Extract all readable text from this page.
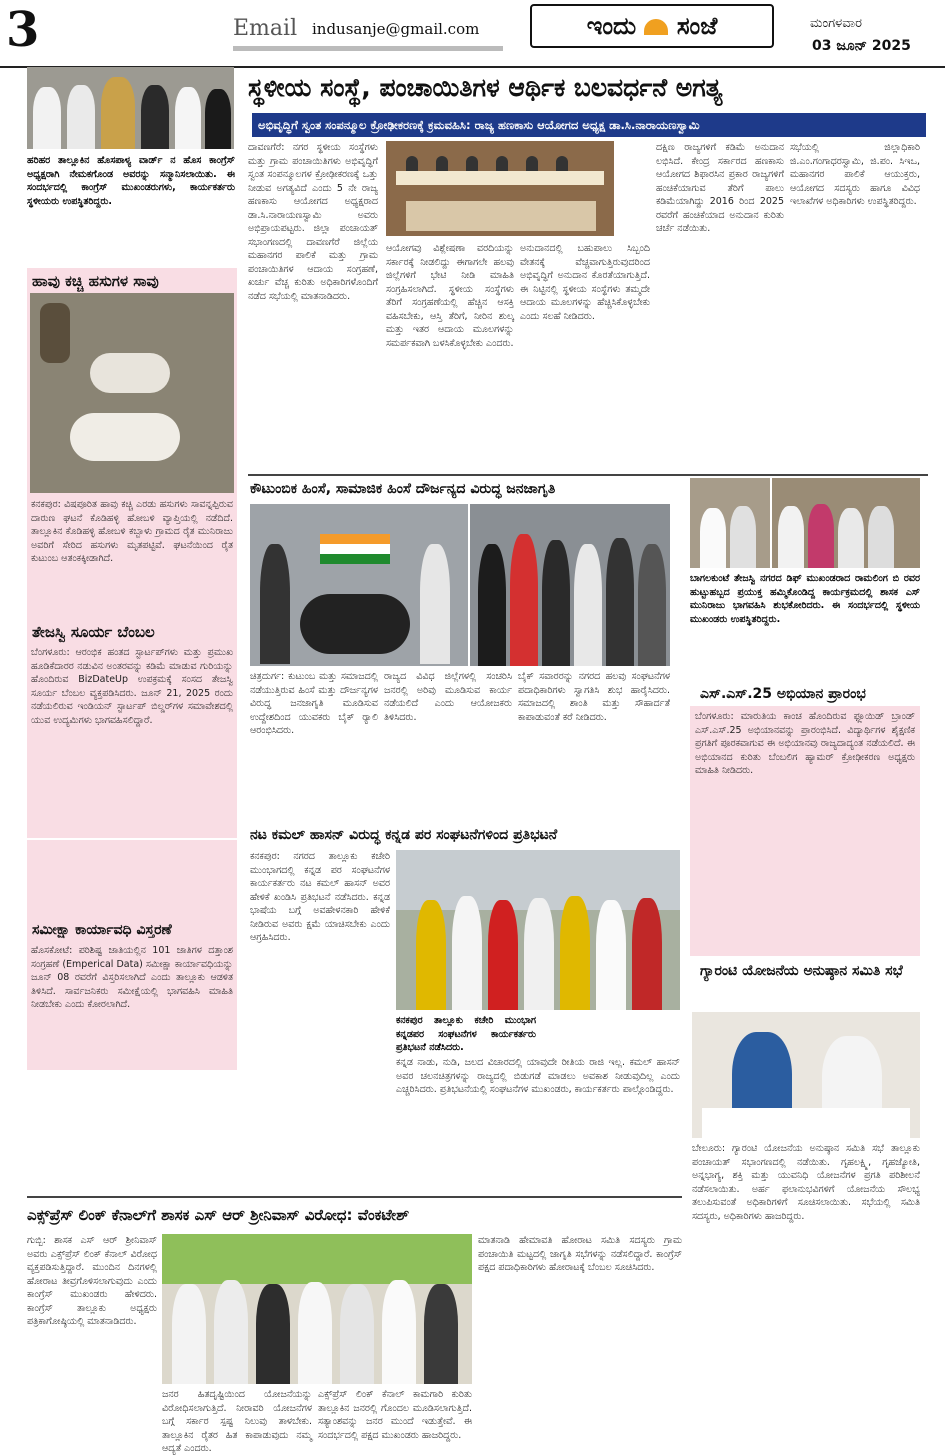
3	Email indusanje@gmail.com	ಇಂದು ಸಂಜೆ	ಮಂಗಳವಾರ
03 ಜೂನ್ 2025
ಹರಿಹರ ತಾಲ್ಲೂಕಿನ ಹೊಸಪಾಳ್ಯ ವಾರ್ಡ್ ನ ಹೊಸ ಕಾಂಗ್ರೆಸ್ ಅಧ್ಯಕ್ಷರಾಗಿ ನೇಮಕಗೊಂಡ ಅವರನ್ನು ಸನ್ಮಾನಿಸಲಾಯಿತು. ಈ ಸಂದರ್ಭದಲ್ಲಿ ಕಾಂಗ್ರೆಸ್ ಮುಖಂಡರುಗಳು, ಕಾರ್ಯಕರ್ತರು ಸ್ಥಳೀಯರು ಉಪಸ್ಥಿತರಿದ್ದರು.
ಹಾವು ಕಚ್ಚಿ ಹಸುಗಳ ಸಾವು
ಕನಕಪುರ: ವಿಷಪೂರಿತ ಹಾವು ಕಚ್ಚಿ ಎರಡು ಹಸುಗಳು ಸಾವನ್ನಪ್ಪಿರುವ ದಾರುಣ ಘಟನೆ ಕೊಡಿಹಳ್ಳಿ ಹೋಬಳಿ ವ್ಯಾಪ್ತಿಯಲ್ಲಿ ನಡೆದಿದೆ. ತಾಲ್ಲೂಕಿನ ಕೊಡಿಹಳ್ಳಿ ಹೋಬಳಿ ಕಬ್ಬಾಳು ಗ್ರಾಮದ ರೈತ ಮುನಿರಾಜು ಅವರಿಗೆ ಸೇರಿದ ಹಸುಗಳು ಮೃತಪಟ್ಟಿವೆ. ಘಟನೆಯಿಂದ ರೈತ ಕುಟುಂಬ ಆತಂಕಕ್ಕೀಡಾಗಿದೆ.
ತೇಜಸ್ವಿ ಸೂರ್ಯ ಬೆಂಬಲ
ಬೆಂಗಳೂರು: ಆರಂಭಿಕ ಹಂತದ ಸ್ಟಾರ್ಟಪ್‌ಗಳು ಮತ್ತು ಪ್ರಮುಖ ಹೂಡಿಕೆದಾರರ ನಡುವಿನ ಅಂತರವನ್ನು ಕಡಿಮೆ ಮಾಡುವ ಗುರಿಯನ್ನು ಹೊಂದಿರುವ BizDateUp ಉಪಕ್ರಮಕ್ಕೆ ಸಂಸದ ತೇಜಸ್ವಿ ಸೂರ್ಯ ಬೆಂಬಲ ವ್ಯಕ್ತಪಡಿಸಿದರು. ಜೂನ್ 21, 2025 ರಂದು ನಡೆಯಲಿರುವ ಇಂಡಿಯನ್ ಸ್ಟಾರ್ಟಪ್ ಬಿಲ್ಡರ್‌ಗಳ ಸಮಾವೇಶದಲ್ಲಿ ಯುವ ಉದ್ಯಮಿಗಳು ಭಾಗವಹಿಸಲಿದ್ದಾರೆ.
ಸಮೀಕ್ಷಾ ಕಾರ್ಯಾವಧಿ ವಿಸ್ತರಣೆ
ಹೊಸಕೋಟೆ: ಪರಿಶಿಷ್ಟ ಜಾತಿಯಲ್ಲಿನ 101 ಜಾತಿಗಳ ದತ್ತಾಂಶ ಸಂಗ್ರಹಣೆ (Emperical Data) ಸಮೀಕ್ಷಾ ಕಾರ್ಯಾವಧಿಯನ್ನು ಜೂನ್ 08 ರವರೆಗೆ ವಿಸ್ತರಿಸಲಾಗಿದೆ ಎಂದು ತಾಲ್ಲೂಕು ಆಡಳಿತ ತಿಳಿಸಿದೆ. ಸಾರ್ವಜನಿಕರು ಸಮೀಕ್ಷೆಯಲ್ಲಿ ಭಾಗವಹಿಸಿ ಮಾಹಿತಿ ನೀಡಬೇಕು ಎಂದು ಕೋರಲಾಗಿದೆ.
ಸ್ಥಳೀಯ ಸಂಸ್ಥೆ, ಪಂಚಾಯಿತಿಗಳ ಆರ್ಥಿಕ ಬಲವರ್ಧನೆ ಅಗತ್ಯ
ಅಭಿವೃದ್ಧಿಗೆ ಸ್ವಂತ ಸಂಪನ್ಮೂಲ ಕ್ರೋಢೀಕರಣಕ್ಕೆ ಕ್ರಮವಹಿಸಿ: ರಾಜ್ಯ ಹಣಕಾಸು ಆಯೋಗದ ಅಧ್ಯಕ್ಷ ಡಾ.ಸಿ.ನಾರಾಯಣಸ್ವಾಮಿ
ದಾವಣಗೆರೆ: ನಗರ ಸ್ಥಳೀಯ ಸಂಸ್ಥೆಗಳು ಮತ್ತು ಗ್ರಾಮ ಪಂಚಾಯಿತಿಗಳು ಅಭಿವೃದ್ಧಿಗೆ ಸ್ವಂತ ಸಂಪನ್ಮೂಲಗಳ ಕ್ರೋಢೀಕರಣಕ್ಕೆ ಒತ್ತು ನೀಡುವ ಅಗತ್ಯವಿದೆ ಎಂದು 5 ನೇ ರಾಜ್ಯ ಹಣಕಾಸು ಆಯೋಗದ ಅಧ್ಯಕ್ಷರಾದ ಡಾ.ಸಿ.ನಾರಾಯಣಸ್ವಾಮಿ ಅವರು ಅಭಿಪ್ರಾಯಪಟ್ಟರು. ಜಿಲ್ಲಾ ಪಂಚಾಯತ್ ಸಭಾಂಗಣದಲ್ಲಿ ದಾವಣಗೆರೆ ಜಿಲ್ಲೆಯ ಮಹಾನಗರ ಪಾಲಿಕೆ ಮತ್ತು ಗ್ರಾಮ ಪಂಚಾಯಿತಿಗಳ ಆದಾಯ ಸಂಗ್ರಹಣೆ, ಖರ್ಚು ವೆಚ್ಚ ಕುರಿತು ಅಧಿಕಾರಿಗಳೊಂದಿಗೆ ನಡೆದ ಸಭೆಯಲ್ಲಿ ಮಾತನಾಡಿದರು.
ಆಯೋಗವು ವಿಶ್ಲೇಷಣಾ ವರದಿಯನ್ನು ಸರ್ಕಾರಕ್ಕೆ ನೀಡಲಿದ್ದು ಈಗಾಗಲೇ ಹಲವು ಜಿಲ್ಲೆಗಳಿಗೆ ಭೇಟಿ ನೀಡಿ ಮಾಹಿತಿ ಸಂಗ್ರಹಿಸಲಾಗಿದೆ. ಸ್ಥಳೀಯ ಸಂಸ್ಥೆಗಳು ತೆರಿಗೆ ಸಂಗ್ರಹಣೆಯಲ್ಲಿ ಹೆಚ್ಚಿನ ಆಸಕ್ತಿ ವಹಿಸಬೇಕು, ಆಸ್ತಿ ತೆರಿಗೆ, ನೀರಿನ ಶುಲ್ಕ ಮತ್ತು ಇತರ ಆದಾಯ ಮೂಲಗಳನ್ನು ಸಮರ್ಪಕವಾಗಿ ಬಳಸಿಕೊಳ್ಳಬೇಕು ಎಂದರು.
ಅನುದಾನದಲ್ಲಿ ಬಹುಪಾಲು ಸಿಬ್ಬಂದಿ ವೇತನಕ್ಕೆ ವೆಚ್ಚವಾಗುತ್ತಿರುವುದರಿಂದ ಅಭಿವೃದ್ಧಿಗೆ ಅನುದಾನ ಕೊರತೆಯಾಗುತ್ತಿದೆ. ಈ ನಿಟ್ಟಿನಲ್ಲಿ ಸ್ಥಳೀಯ ಸಂಸ್ಥೆಗಳು ತಮ್ಮದೇ ಆದಾಯ ಮೂಲಗಳನ್ನು ಹೆಚ್ಚಿಸಿಕೊಳ್ಳಬೇಕು ಎಂದು ಸಲಹೆ ನೀಡಿದರು.
ದಕ್ಷಿಣ ರಾಜ್ಯಗಳಿಗೆ ಕಡಿಮೆ ಅನುದಾನ ಲಭಿಸಿದೆ. ಕೇಂದ್ರ ಸರ್ಕಾರದ ಹಣಕಾಸು ಆಯೋಗದ ಶಿಫಾರಸಿನ ಪ್ರಕಾರ ರಾಜ್ಯಗಳಿಗೆ ಹಂಚಿಕೆಯಾಗುವ ತೆರಿಗೆ ಪಾಲು ಕಡಿಮೆಯಾಗಿದ್ದು 2016 ರಿಂದ 2025 ರವರೆಗೆ ಹಂಚಿಕೆಯಾದ ಅನುದಾನ ಕುರಿತು ಚರ್ಚೆ ನಡೆಯಿತು.
ಸಭೆಯಲ್ಲಿ ಜಿಲ್ಲಾಧಿಕಾರಿ ಜಿ.ಎಂ.ಗಂಗಾಧರಸ್ವಾಮಿ, ಜಿ.ಪಂ. ಸಿಇಒ, ಮಹಾನಗರ ಪಾಲಿಕೆ ಆಯುಕ್ತರು, ಆಯೋಗದ ಸದಸ್ಯರು ಹಾಗೂ ವಿವಿಧ ಇಲಾಖೆಗಳ ಅಧಿಕಾರಿಗಳು ಉಪಸ್ಥಿತರಿದ್ದರು.
ಕೌಟುಂಬಿಕ ಹಿಂಸೆ, ಸಾಮಾಜಿಕ ಹಿಂಸೆ ದೌರ್ಜನ್ಯದ ವಿರುದ್ಧ ಜನಜಾಗೃತಿ
ಚಿತ್ರದುರ್ಗ: ಕುಟುಂಬ ಮತ್ತು ಸಮಾಜದಲ್ಲಿ ನಡೆಯುತ್ತಿರುವ ಹಿಂಸೆ ಮತ್ತು ದೌರ್ಜನ್ಯಗಳ ವಿರುದ್ಧ ಜನಜಾಗೃತಿ ಮೂಡಿಸುವ ಉದ್ದೇಶದಿಂದ ಯುವಕರು ಬೈಕ್ ರ‍್ಯಾಲಿ ಆರಂಭಿಸಿದರು.
ರಾಜ್ಯದ ವಿವಿಧ ಜಿಲ್ಲೆಗಳಲ್ಲಿ ಸಂಚರಿಸಿ ಜನರಲ್ಲಿ ಅರಿವು ಮೂಡಿಸುವ ಕಾರ್ಯ ನಡೆಯಲಿದೆ ಎಂದು ಆಯೋಜಕರು ತಿಳಿಸಿದರು.
ಬೈಕ್ ಸವಾರರನ್ನು ನಗರದ ಹಲವು ಸಂಘಟನೆಗಳ ಪದಾಧಿಕಾರಿಗಳು ಸ್ವಾಗತಿಸಿ ಶುಭ ಹಾರೈಸಿದರು. ಸಮಾಜದಲ್ಲಿ ಶಾಂತಿ ಮತ್ತು ಸೌಹಾರ್ದತೆ ಕಾಪಾಡುವಂತೆ ಕರೆ ನೀಡಿದರು.
ಬಾಗಲಕುಂಟೆ ತೇಜಸ್ವಿ ನಗರದ ಡಿಫ್ ಮುಖಂಡರಾದ ರಾಮಲಿಂಗ ಬಿ ರವರ ಹುಟ್ಟುಹಬ್ಬದ ಪ್ರಯುಕ್ತ ಹಮ್ಮಿಕೊಂಡಿದ್ದ ಕಾರ್ಯಕ್ರಮದಲ್ಲಿ ಶಾಸಕ ಎಸ್ ಮುನಿರಾಜು ಭಾಗವಹಿಸಿ ಶುಭಕೋರಿದರು. ಈ ಸಂದರ್ಭದಲ್ಲಿ ಸ್ಥಳೀಯ ಮುಖಂಡರು ಉಪಸ್ಥಿತರಿದ್ದರು.
ಎಸ್.ಎಸ್.25 ಅಭಿಯಾನ ಪ್ರಾರಂಭ
ಬೆಂಗಳೂರು: ಮಾರುತಿಯ ಕಾಂಚ ಹೊಂದಿರುವ ಫ್ಲೂಯಿಡ್ ಬ್ರಾಂಡ್ ಎಸ್.ಎಸ್.25 ಅಭಿಯಾನವನ್ನು ಪ್ರಾರಂಭಿಸಿದೆ. ವಿದ್ಯಾರ್ಥಿಗಳ ಶೈಕ್ಷಣಿಕ ಪ್ರಗತಿಗೆ ಪೂರಕವಾಗುವ ಈ ಅಭಿಯಾನವು ರಾಜ್ಯದಾದ್ಯಂತ ನಡೆಯಲಿದೆ. ಈ ಅಭಿಯಾನದ ಕುರಿತು ಬೆಂಬಲಿಗ ಹ್ಯಾಮರ್ ಕ್ರೋಢೀಕರಣ ಅಧ್ಯಕ್ಷರು ಮಾಹಿತಿ ನೀಡಿದರು.
ಗ್ಯಾರಂಟಿ ಯೋಜನೆಯ ಅನುಷ್ಠಾನ ಸಮಿತಿ ಸಭೆ
ಬೇಲೂರು: ಗ್ಯಾರಂಟಿ ಯೋಜನೆಯ ಅನುಷ್ಠಾನ ಸಮಿತಿ ಸಭೆ ತಾಲ್ಲೂಕು ಪಂಚಾಯತ್ ಸಭಾಂಗಣದಲ್ಲಿ ನಡೆಯಿತು. ಗೃಹಲಕ್ಷ್ಮಿ, ಗೃಹಜ್ಯೋತಿ, ಅನ್ನಭಾಗ್ಯ, ಶಕ್ತಿ ಮತ್ತು ಯುವನಿಧಿ ಯೋಜನೆಗಳ ಪ್ರಗತಿ ಪರಿಶೀಲನೆ ನಡೆಸಲಾಯಿತು. ಅರ್ಹ ಫಲಾನುಭವಿಗಳಿಗೆ ಯೋಜನೆಯ ಸೌಲಭ್ಯ ತಲುಪಿಸುವಂತೆ ಅಧಿಕಾರಿಗಳಿಗೆ ಸೂಚಿಸಲಾಯಿತು. ಸಭೆಯಲ್ಲಿ ಸಮಿತಿ ಸದಸ್ಯರು, ಅಧಿಕಾರಿಗಳು ಹಾಜರಿದ್ದರು.
ನಟ ಕಮಲ್ ಹಾಸನ್ ವಿರುದ್ಧ ಕನ್ನಡ ಪರ ಸಂಘಟನೆಗಳಿಂದ ಪ್ರತಿಭಟನೆ
ಕನಕಪುರ: ನಗರದ ತಾಲ್ಲೂಕು ಕಚೇರಿ ಮುಂಭಾಗದಲ್ಲಿ ಕನ್ನಡ ಪರ ಸಂಘಟನೆಗಳ ಕಾರ್ಯಕರ್ತರು ನಟ ಕಮಲ್ ಹಾಸನ್ ಅವರ ಹೇಳಿಕೆ ಖಂಡಿಸಿ ಪ್ರತಿಭಟನೆ ನಡೆಸಿದರು. ಕನ್ನಡ ಭಾಷೆಯ ಬಗ್ಗೆ ಅವಹೇಳನಕಾರಿ ಹೇಳಿಕೆ ನೀಡಿರುವ ಅವರು ಕ್ಷಮೆ ಯಾಚಿಸಬೇಕು ಎಂದು ಆಗ್ರಹಿಸಿದರು.
ಕನಕಪುರ ತಾಲ್ಲೂಕು ಕಚೇರಿ ಮುಂಭಾಗ ಕನ್ನಡಪರ ಸಂಘಟನೆಗಳ ಕಾರ್ಯಕರ್ತರು ಪ್ರತಿಭಟನೆ ನಡೆಸಿದರು.
ಕನ್ನಡ ನಾಡು, ನುಡಿ, ಜಲದ ವಿಚಾರದಲ್ಲಿ ಯಾವುದೇ ರೀತಿಯ ರಾಜಿ ಇಲ್ಲ. ಕಮಲ್ ಹಾಸನ್ ಅವರ ಚಲನಚಿತ್ರಗಳನ್ನು ರಾಜ್ಯದಲ್ಲಿ ಬಿಡುಗಡೆ ಮಾಡಲು ಅವಕಾಶ ನೀಡುವುದಿಲ್ಲ ಎಂದು ಎಚ್ಚರಿಸಿದರು. ಪ್ರತಿಭಟನೆಯಲ್ಲಿ ಸಂಘಟನೆಗಳ ಮುಖಂಡರು, ಕಾರ್ಯಕರ್ತರು ಪಾಲ್ಗೊಂಡಿದ್ದರು.
ಎಕ್ಸ್‌ಪ್ರೆಸ್ ಲಿಂಕ್ ಕೆನಾಲ್‌ಗೆ ಶಾಸಕ ಎಸ್ ಆರ್ ಶ್ರೀನಿವಾಸ್ ವಿರೋಧ: ವೆಂಕಟೇಶ್
ಗುಬ್ಬಿ: ಶಾಸಕ ಎಸ್ ಆರ್ ಶ್ರೀನಿವಾಸ್ ಅವರು ಎಕ್ಸ್‌ಪ್ರೆಸ್ ಲಿಂಕ್ ಕೆನಾಲ್ ವಿರೋಧ ವ್ಯಕ್ತಪಡಿಸುತ್ತಿದ್ದಾರೆ. ಮುಂದಿನ ದಿನಗಳಲ್ಲಿ ಹೋರಾಟ ತೀವ್ರಗೊಳಿಸಲಾಗುವುದು ಎಂದು ಕಾಂಗ್ರೆಸ್ ಮುಖಂಡರು ಹೇಳಿದರು. ಕಾಂಗ್ರೆಸ್ ತಾಲ್ಲೂಕು ಅಧ್ಯಕ್ಷರು ಪತ್ರಿಕಾಗೋಷ್ಠಿಯಲ್ಲಿ ಮಾತನಾಡಿದರು.
ಜನರ ಹಿತದೃಷ್ಟಿಯಿಂದ ಯೋಜನೆಯನ್ನು ವಿರೋಧಿಸಲಾಗುತ್ತಿದೆ. ನೀರಾವರಿ ಯೋಜನೆಗಳ ಬಗ್ಗೆ ಸರ್ಕಾರ ಸ್ಪಷ್ಟ ನಿಲುವು ತಾಳಬೇಕು. ತಾಲ್ಲೂಕಿನ ರೈತರ ಹಿತ ಕಾಪಾಡುವುದು ನಮ್ಮ ಆದ್ಯತೆ ಎಂದರು.
ಎಕ್ಸ್‌ಪ್ರೆಸ್ ಲಿಂಕ್ ಕೆನಾಲ್ ಕಾಮಗಾರಿ ಕುರಿತು ತಾಲ್ಲೂಕಿನ ಜನರಲ್ಲಿ ಗೊಂದಲ ಮೂಡಿಸಲಾಗುತ್ತಿದೆ. ಸತ್ಯಾಂಶವನ್ನು ಜನರ ಮುಂದೆ ಇಡುತ್ತೇವೆ. ಈ ಸಂದರ್ಭದಲ್ಲಿ ಪಕ್ಷದ ಮುಖಂಡರು ಹಾಜರಿದ್ದರು.
ಮಾತನಾಡಿ ಹೇಮಾವತಿ ಹೋರಾಟ ಸಮಿತಿ ಸದಸ್ಯರು ಗ್ರಾಮ ಪಂಚಾಯಿತಿ ಮಟ್ಟದಲ್ಲಿ ಜಾಗೃತಿ ಸಭೆಗಳನ್ನು ನಡೆಸಲಿದ್ದಾರೆ. ಕಾಂಗ್ರೆಸ್ ಪಕ್ಷದ ಪದಾಧಿಕಾರಿಗಳು ಹೋರಾಟಕ್ಕೆ ಬೆಂಬಲ ಸೂಚಿಸಿದರು.
